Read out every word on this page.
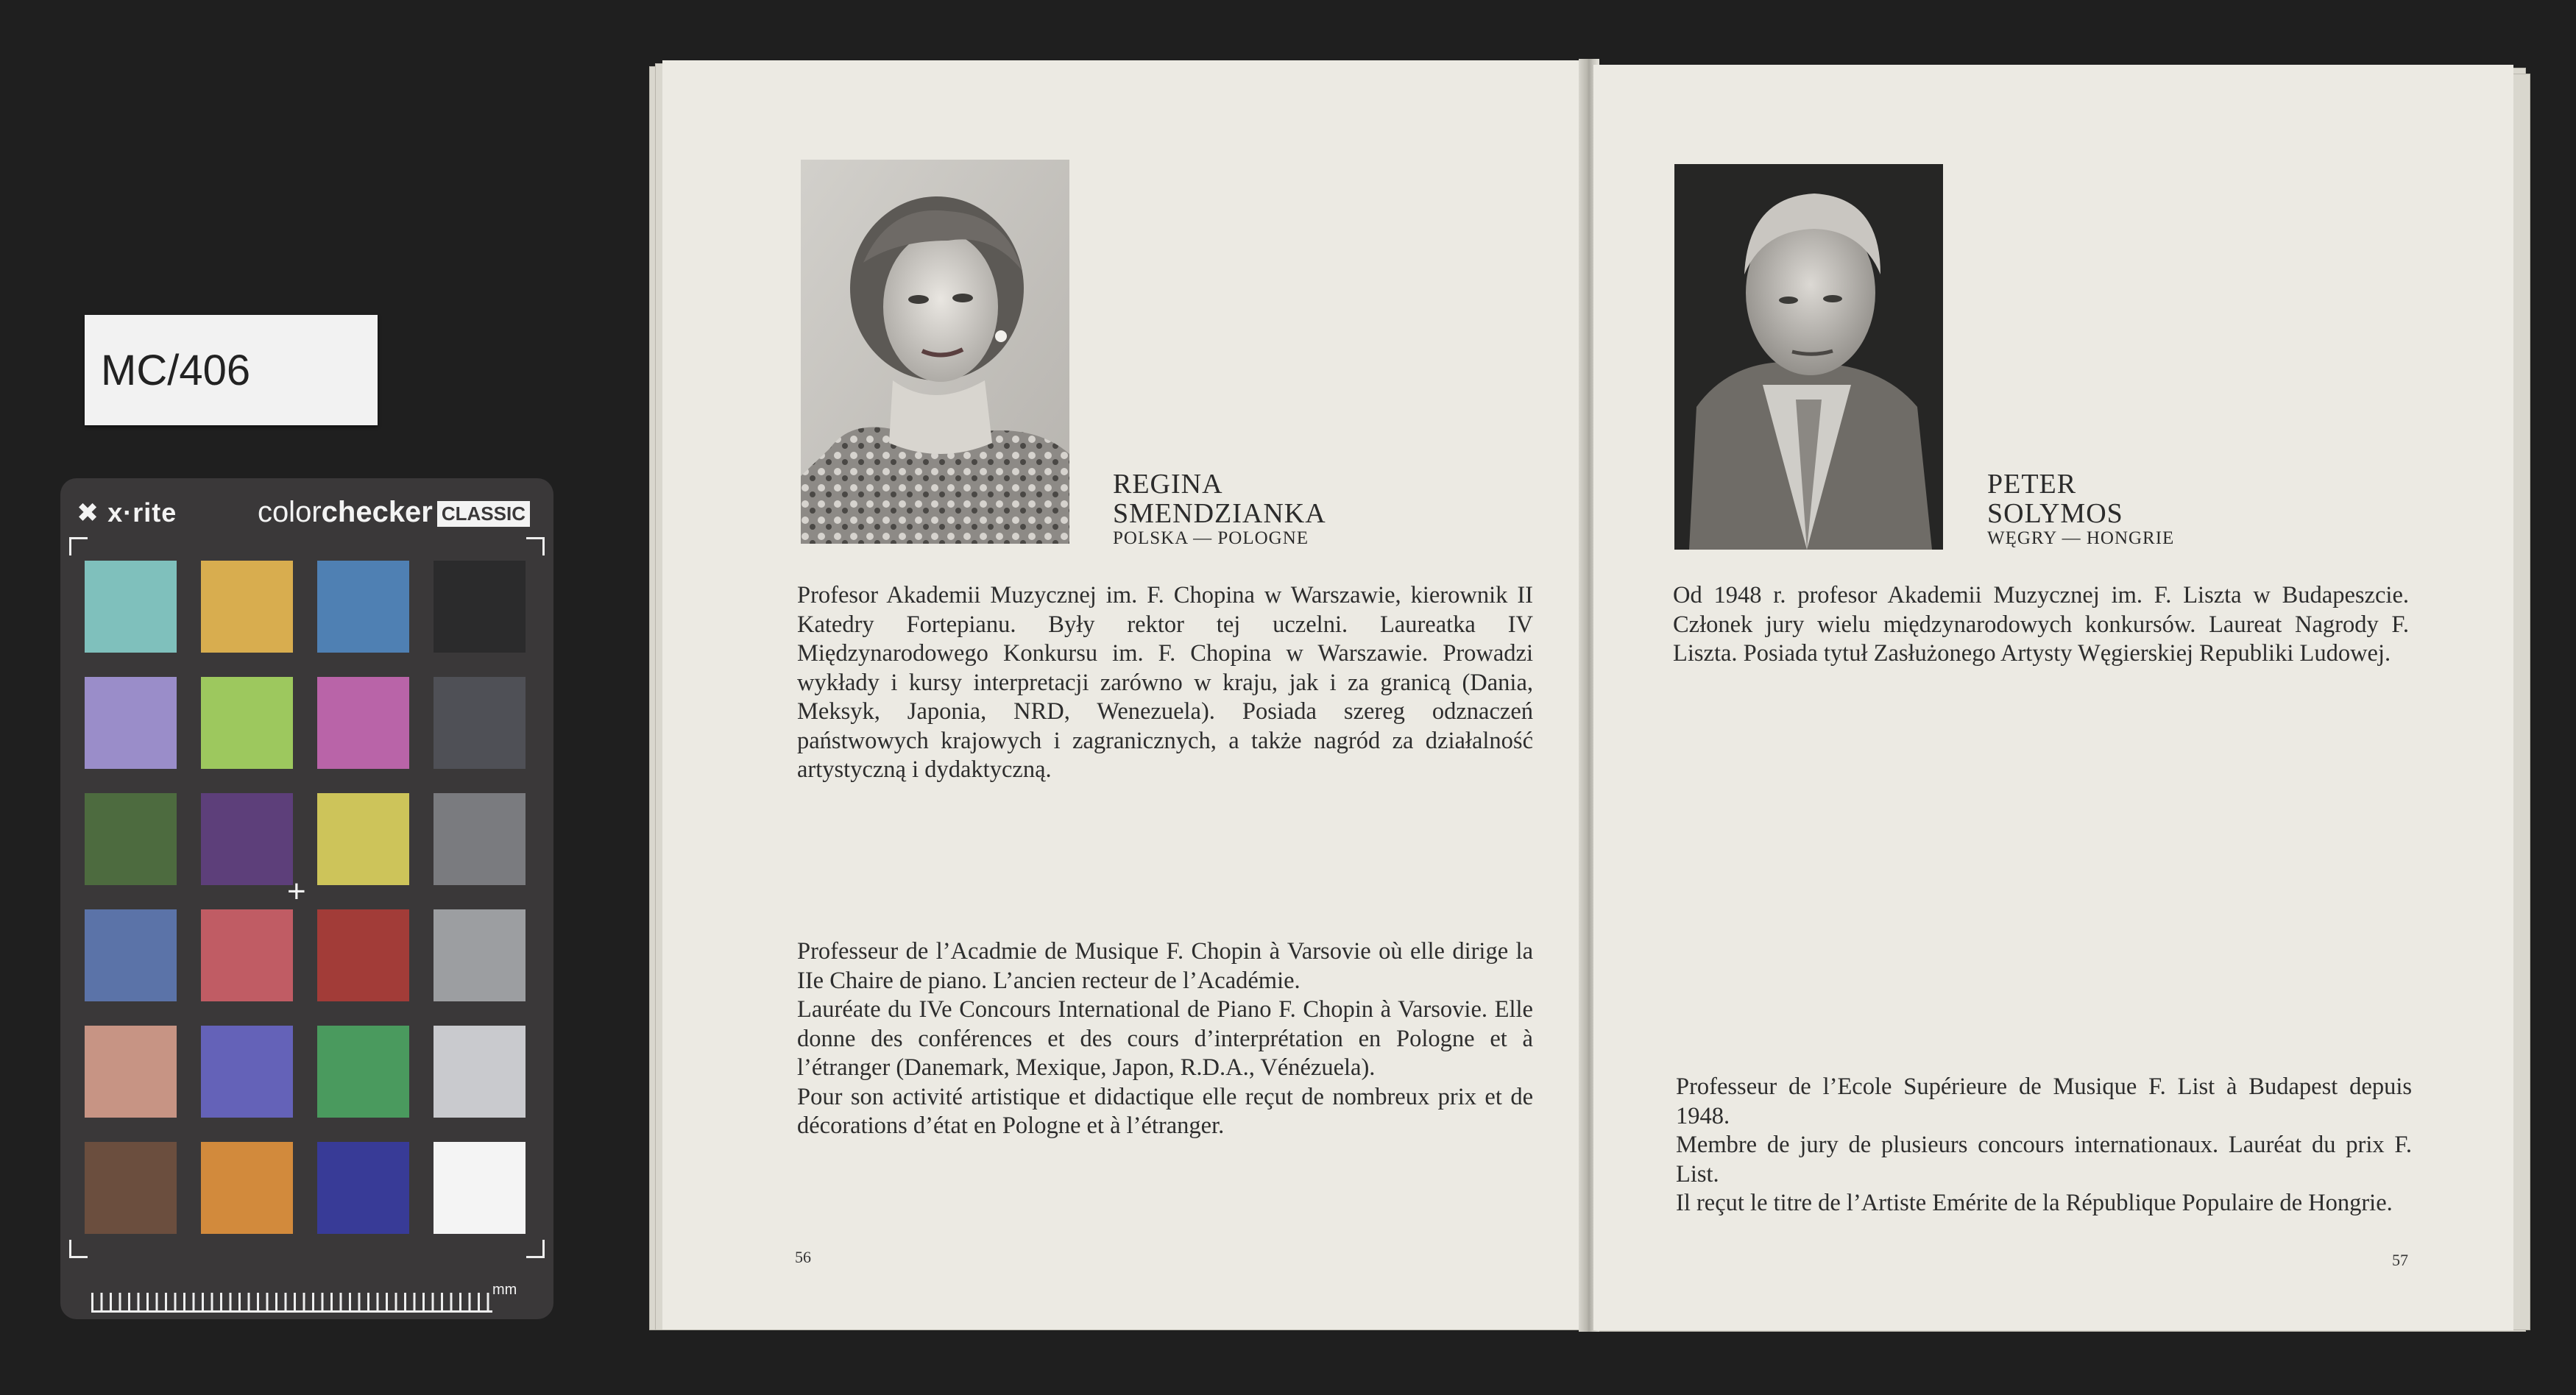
MC/406
✖ x·rite	colorchecker CLASSIC
+
mm
REGINA
SMENDZIANKA
POLSKA — POLOGNE

Profesor Akademii Muzycznej im. F. Chopina w Warszawie, kierownik II Katedry Fortepianu. Były rektor tej uczelni. Laureatka IV Międzynarodowego Konkursu im. F. Chopina w Warszawie. Prowadzi wykłady i kursy interpretacji zarówno w kraju, jak i za granicą (Dania, Meksyk, Japonia, NRD, Wenezuela). Posiada szereg odznaczeń państwowych krajowych i zagranicznych, a także nagród za działalność artystyczną i dydaktyczną.

Professeur de l’Acadmie de Musique F. Chopin à Varsovie où elle dirige la IIe Chaire de piano. L’ancien recteur de l’Académie.

Lauréate du IVe Concours International de Piano F. Chopin à Varsovie. Elle donne des conférences et des cours d’interprétation en Pologne et à l’étranger (Danemark, Mexique, Japon, R.D.A., Vénézuela).

Pour son activité artistique et didactique elle reçut de nombreux prix et de décorations d’état en Pologne et à l’étranger.

56
PETER
SOLYMOS
WĘGRY — HONGRIE

Od 1948 r. profesor Akademii Muzycznej im. F. Liszta w Budapeszcie. Członek jury wielu międzynarodowych konkursów. Laureat Nagrody F. Liszta. Posiada tytuł Zasłużonego Artysty Węgierskiej Republiki Ludowej.

Professeur de l’Ecole Supérieure de Musique F. List à Budapest depuis 1948.

Membre de jury de plusieurs concours internationaux. Lauréat du prix F. List.

Il reçut le titre de l’Artiste Emérite de la République Populaire de Hongrie.

57
